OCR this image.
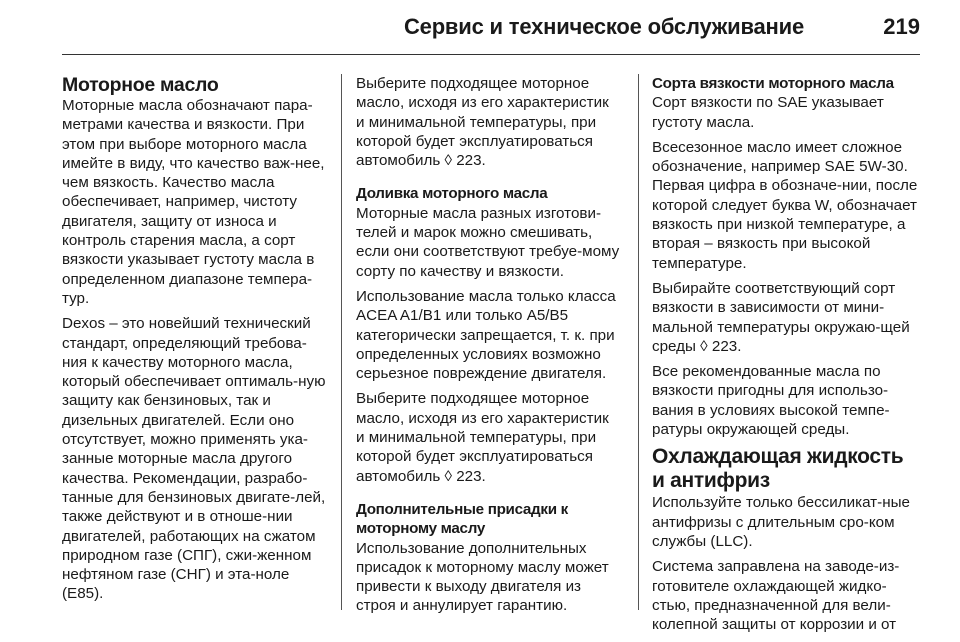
Сервис и техническое обслуживание	219
Моторное масло

Моторные масла обозначают пара-метрами качества и вязкости. При этом при выборе моторного масла имейте в виду, что качество важ-нее, чем вязкость. Качество масла обеспечивает, например, чистоту двигателя, защиту от износа и контроль старения масла, а сорт вязкости указывает густоту масла в определенном диапазоне темпера-тур.

Dexos – это новейший технический стандарт, определяющий требова-ния к качеству моторного масла, который обеспечивает оптималь-ную защиту как бензиновых, так и дизельных двигателей. Если оно отсутствует, можно применять ука-занные моторные масла другого качества. Рекомендации, разрабо-танные для бензиновых двигате-лей, также действуют и в отноше-нии двигателей, работающих на сжатом природном газе (СПГ), сжи-женном нефтяном газе (СНГ) и эта-ноле (E85).

Выберите подходящее моторное масло, исходя из его характеристик и минимальной температуры, при которой будет эксплуатироваться автомобиль ◊ 223.

Доливка моторного масла

Моторные масла разных изготови-телей и марок можно смешивать, если они соответствуют требуе-мому сорту по качеству и вязкости.

Использование масла только класса ACEA A1/B1 или только A5/B5 категорически запрещается, т. к. при определенных условиях возможно серьезное повреждение двигателя.

Выберите подходящее моторное масло, исходя из его характеристик и минимальной температуры, при которой будет эксплуатироваться автомобиль ◊ 223.

Дополнительные присадки к моторному маслу

Использование дополнительных присадок к моторному маслу может привести к выходу двигателя из строя и аннулирует гарантию.

Сорта вязкости моторного масла

Сорт вязкости по SAE указывает густоту масла.

Всесезонное масло имеет сложное обозначение, например SAE 5W-30. Первая цифра в обозначе-нии, после которой следует буква W, обозначает вязкость при низкой температуре, а вторая – вязкость при высокой температуре.

Выбирайте соответствующий сорт вязкости в зависимости от мини-мальной температуры окружаю-щей среды ◊ 223.

Все рекомендованные масла по вязкости пригодны для использо-вания в условиях высокой темпе-ратуры окружающей среды.

Охлаждающая жидкость и антифриз

Используйте только бессиликат-ные антифризы с длительным сро-ком службы (LLC).

Система заправлена на заводе-из-готовителе охлаждающей жидко-стью, предназначенной для вели-колепной защиты от коррозии и от
